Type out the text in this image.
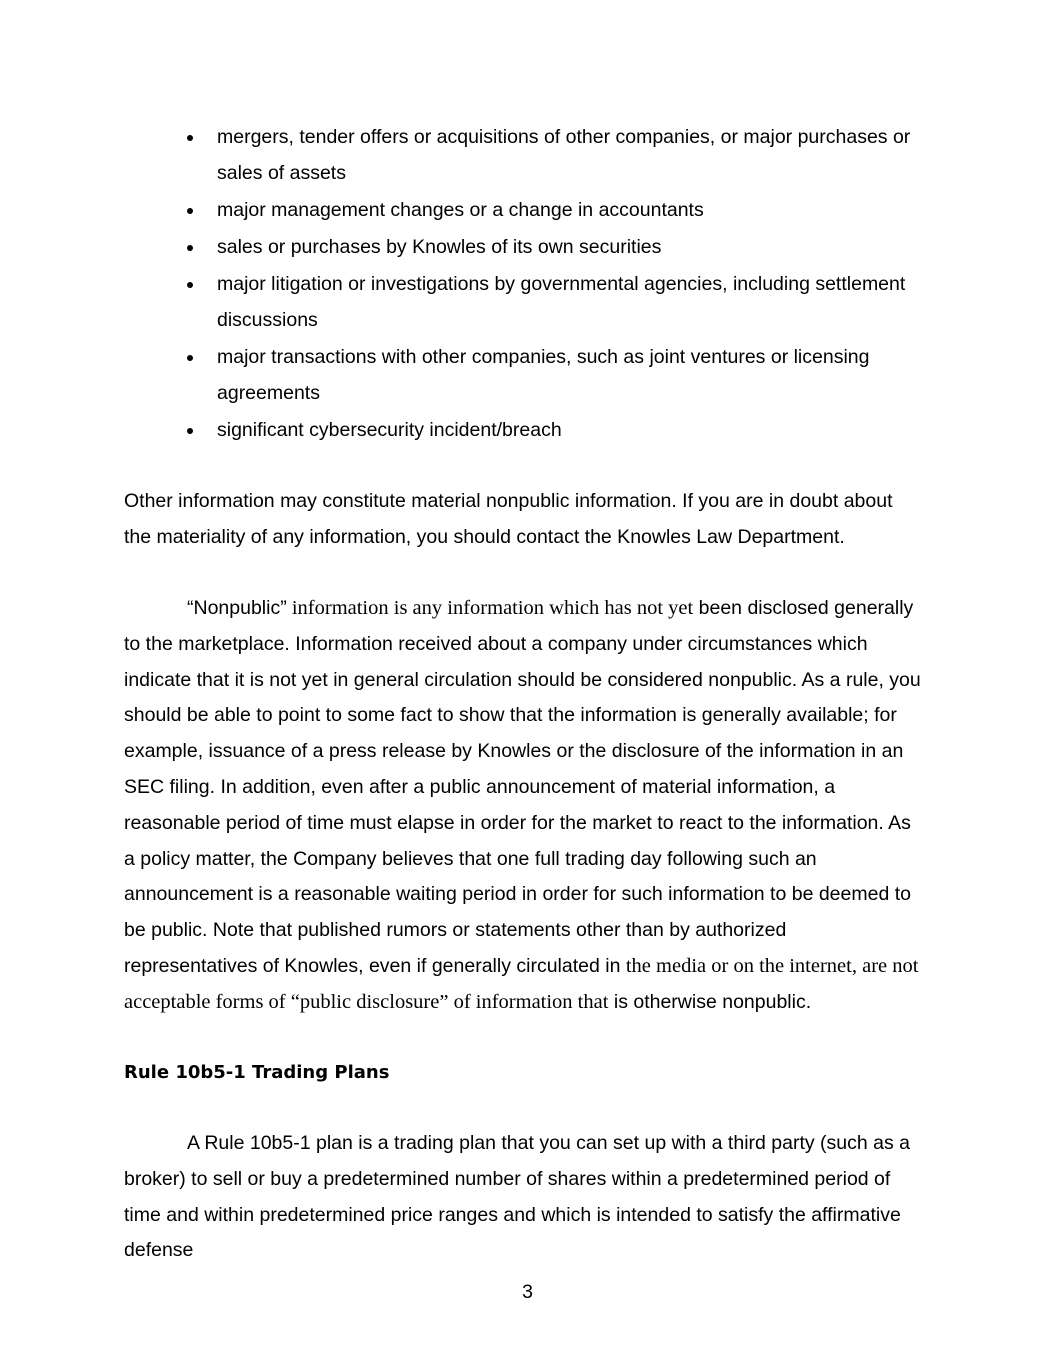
mergers, tender offers or acquisitions of other companies, or major purchases or sales of assets
major management changes or a change in accountants
sales or purchases by Knowles of its own securities
major litigation or investigations by governmental agencies, including settlement discussions
major transactions with other companies, such as joint ventures or licensing agreements
significant cybersecurity incident/breach

Other information may constitute material nonpublic information. If you are in doubt about the materiality of any information, you should contact the Knowles Law Department.

“Nonpublic” information is any information which has not yet been disclosed generally to the marketplace. Information received about a company under circumstances which indicate that it is not yet in general circulation should be considered nonpublic. As a rule, you should be able to point to some fact to show that the information is generally available; for example, issuance of a press release by Knowles or the disclosure of the information in an SEC filing. In addition, even after a public announcement of material information, a reasonable period of time must elapse in order for the market to react to the information. As a policy matter, the Company believes that one full trading day following such an announcement is a reasonable waiting period in order for such information to be deemed to be public. Note that published rumors or statements other than by authorized representatives of Knowles, even if generally circulated in the media or on the internet, are not acceptable forms of “public disclosure” of information that is otherwise nonpublic.

Rule 10b5-1 Trading Plans

A Rule 10b5-1 plan is a trading plan that you can set up with a third party (such as a broker) to sell or buy a predetermined number of shares within a predetermined period of time and within predetermined price ranges and which is intended to satisfy the affirmative defense

3
